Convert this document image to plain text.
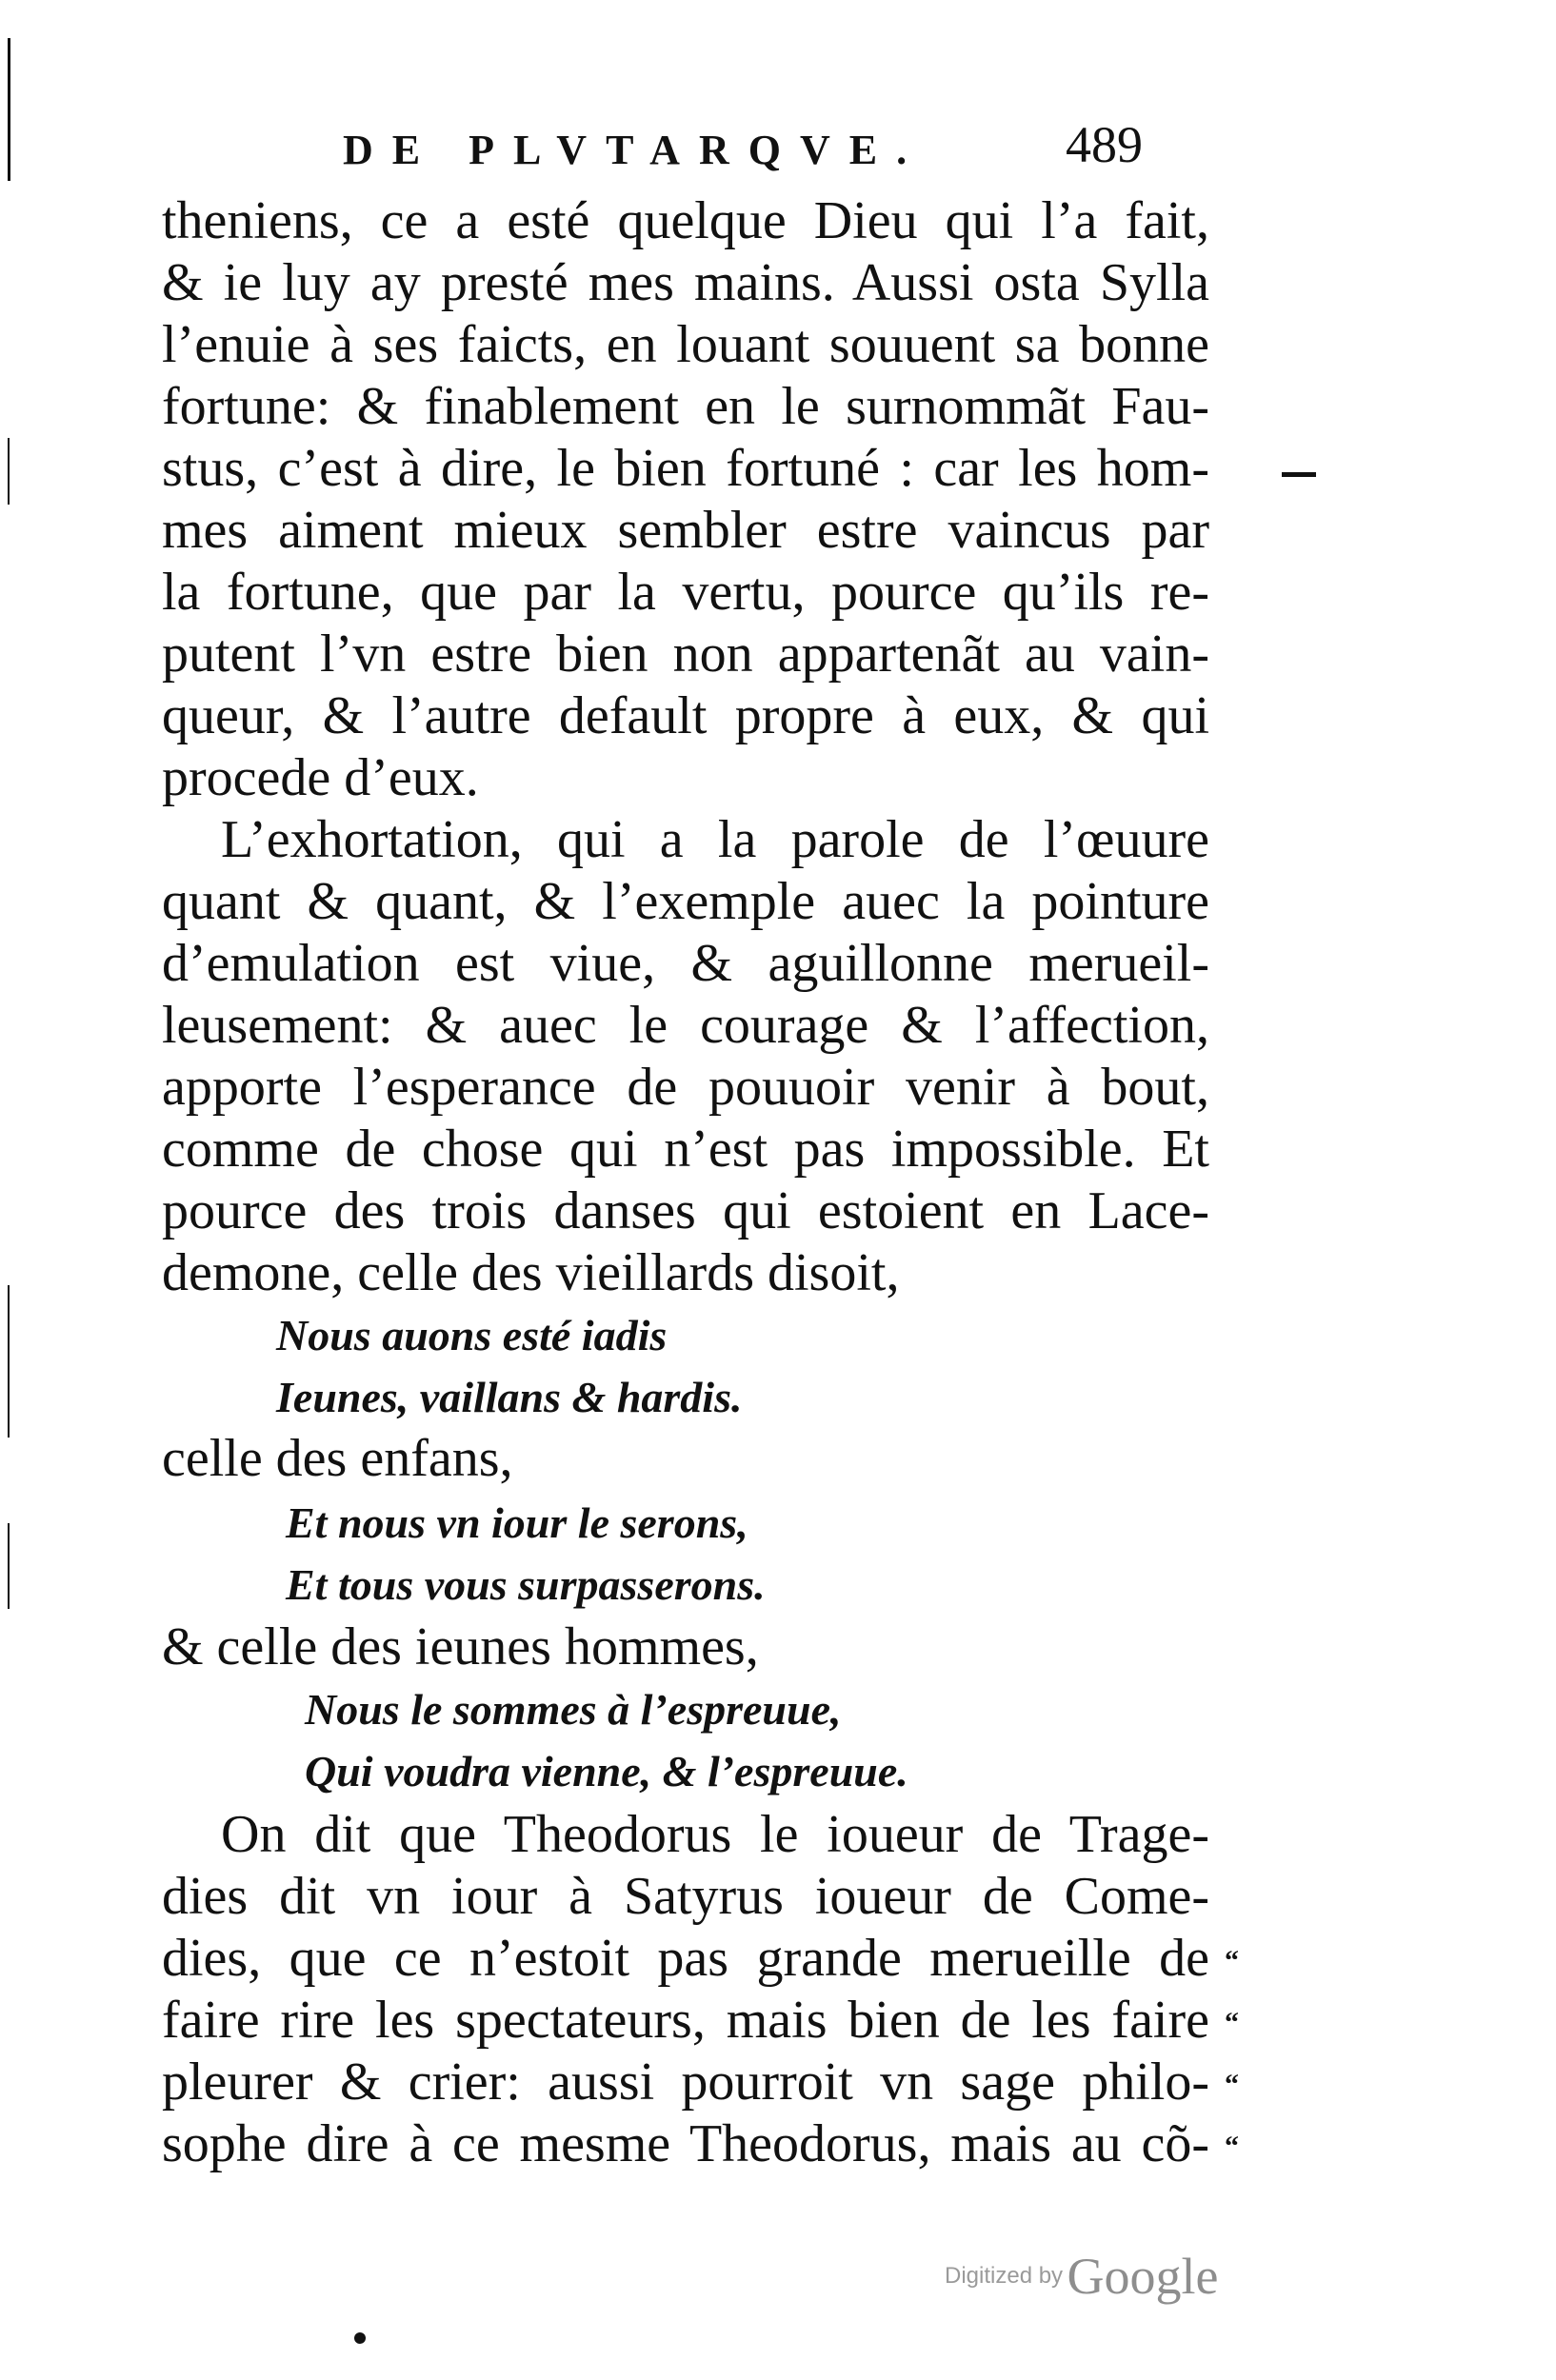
DE PLVTARQVE.	489
theniens, ce a esté quelque Dieu qui l’a fait,
& ie luy ay presté mes mains. Aussi osta Sylla
l’enuie à ses faicts, en louant souuent sa bonne
fortune: & finablement en le surnommãt Fau-
stus, c’est à dire, le bien fortuné : car les hom-
mes aiment mieux sembler estre vaincus par
la fortune, que par la vertu, pource qu’ils re-
putent l’vn estre bien non appartenãt au vain-
queur, & l’autre default propre à eux, & qui
procede d’eux.
L’exhortation, qui a la parole de l’œuure
quant & quant, & l’exemple auec la pointure
d’emulation est viue, & aguillonne merueil-
leusement: & auec le courage & l’affection,
apporte l’esperance de pouuoir venir à bout,
comme de chose qui n’est pas impossible. Et
pource des trois danses qui estoient en Lace-
demone, celle des vieillards disoit,
Nous auons esté iadis
Ieunes, vaillans & hardis.
celle des enfans,
Et nous vn iour le serons,
Et tous vous surpasserons.
& celle des ieunes hommes,
Nous le sommes à l’espreuue,
Qui voudra vienne, & l’espreuue.
On dit que Theodorus le ioueur de Trage-
dies dit vn iour à Satyrus ioueur de Come-
dies, que ce n’estoit pas grande merueille de
faire rire les spectateurs, mais bien de les faire
pleurer & crier: aussi pourroit vn sage philo-
sophe dire à ce mesme Theodorus, mais au cõ-
“
“
“
“
Digitized by Google
